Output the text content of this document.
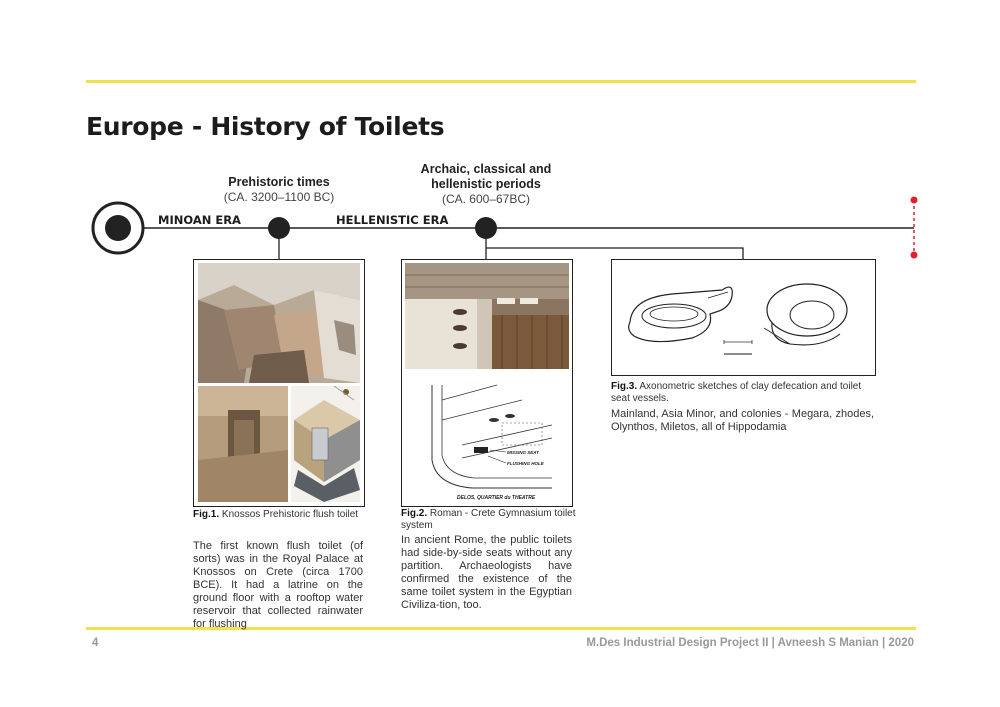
Europe - History of Toilets
MINOAN ERA	HELLENISTIC ERA
Prehistoric times
(CA. 3200–1100 BC)
Archaic, classical and
hellenistic periods
(CA. 600–67BC)
MISSING SEAT
FLUSHING HOLE
DELOS, QUARTIER du THEATRE
Fig.1. Knossos Prehistoric flush toilet
The first known flush toilet (of sorts) was in the Royal Palace at Knossos on Crete (circa 1700 BCE). It had a latrine on the ground floor with a rooftop water reservoir that collected rainwater for flushing
Fig.2. Roman - Crete Gymnasium toilet system
In ancient Rome, the public toilets had side-by-side seats without any partition. Archaeologists have confirmed the existence of the same toilet system in the Egyptian Civiliza-tion, too.
Fig.3. Axonometric sketches of clay defecation and toilet seat vessels.
Mainland, Asia Minor, and colonies - Megara, zhodes, Olynthos, Miletos, all of Hippodamia
4	M.Des Industrial Design Project II | Avneesh S Manian | 2020
